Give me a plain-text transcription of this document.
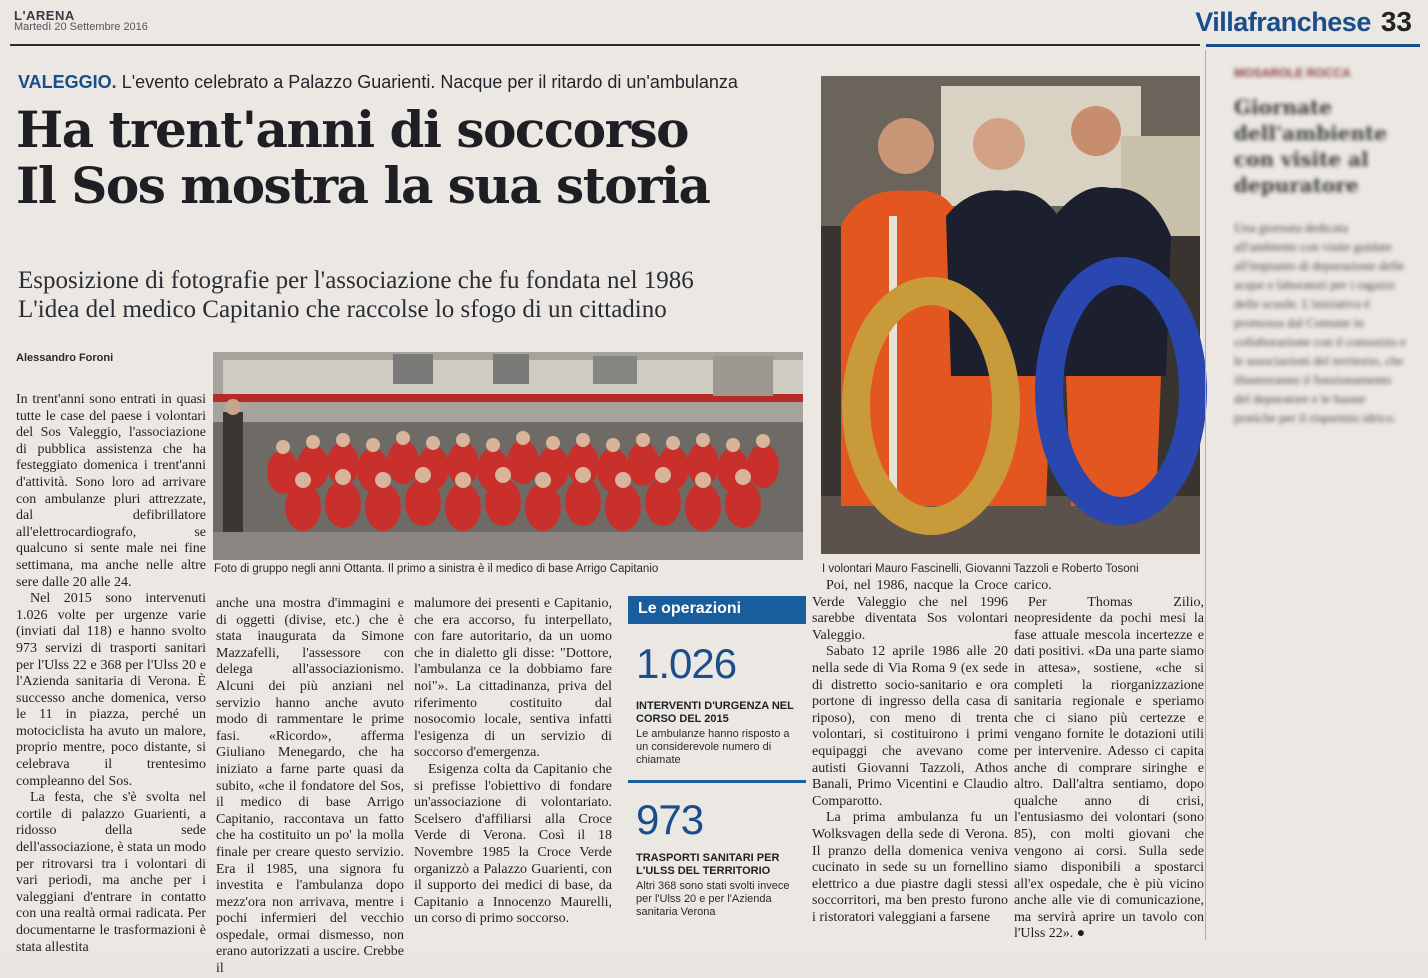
L'ARENA
Martedì 20 Settembre 2016	Villafranchese 33
VALEGGIO. L'evento celebrato a Palazzo Guarienti. Nacque per il ritardo di un'ambulanza
Ha trent'anni di soccorso
Il Sos mostra la sua storia
Esposizione di fotografie per l'associazione che fu fondata nel 1986
L'idea del medico Capitanio che raccolse lo sfogo di un cittadino
Alessandro Foroni
Foto di gruppo negli anni Ottanta. Il primo a sinistra è il medico di base Arrigo Capitanio	I volontari Mauro Fascinelli, Giovanni Tazzoli e Roberto Tosoni

In trent'anni sono entrati in quasi tutte le case del paese i volontari del Sos Valeggio, l'associazione di pubblica assistenza che ha festeggiato domenica i trent'anni d'attività. Sono loro ad arrivare con ambulanze pluri attrezzate, dal defibrillatore all'elettrocardiografo, se qualcuno si sente male nei fine settimana, ma anche nelle altre sere dalle 20 alle 24.

Nel 2015 sono intervenuti 1.026 volte per urgenze varie (inviati dal 118) e hanno svolto 973 servizi di trasporti sanitari per l'Ulss 22 e 368 per l'Ulss 20 e l'Azienda sanitaria di Verona. È successo anche domenica, verso le 11 in piazza, perché un motociclista ha avuto un malore, proprio mentre, poco distante, si celebrava il trentesimo compleanno del Sos.

La festa, che s'è svolta nel cortile di palazzo Guarienti, a ridosso della sede dell'associazione, è stata un modo per ritrovarsi tra i volontari di vari periodi, ma anche per i valeggiani d'entrare in contatto con una realtà ormai radicata. Per documentarne le trasformazioni è stata allestita

anche una mostra d'immagini e di oggetti (divise, etc.) che è stata inaugurata da Simone Mazzafelli, l'assessore con delega all'associazionismo. Alcuni dei più anziani nel servizio hanno anche avuto modo di rammentare le prime fasi. «Ricordo», afferma Giuliano Menegardo, che ha iniziato a farne parte quasi da subito, «che il fondatore del Sos, il medico di base Arrigo Capitanio, raccontava un fatto che ha costituito un po' la molla finale per creare questo servizio. Era il 1985, una signora fu investita e l'ambulanza dopo mezz'ora non arrivava, mentre i pochi infermieri del vecchio ospedale, ormai dismesso, non erano autorizzati a uscire. Crebbe il

malumore dei presenti e Capitanio, che era accorso, fu interpellato, con fare autoritario, da un uomo che in dialetto gli disse: "Dottore, l'ambulanza ce la dobbiamo fare noi"». La cittadinanza, priva del riferimento costituito dal nosocomio locale, sentiva infatti l'esigenza di un servizio di soccorso d'emergenza.

Esigenza colta da Capitanio che si prefisse l'obiettivo di fondare un'associazione di volontariato. Scelsero d'affiliarsi alla Croce Verde di Verona. Così il 18 Novembre 1985 la Croce Verde organizzò a Palazzo Guarienti, con il supporto dei medici di base, da Capitanio a Innocenzo Maurelli, un corso di primo soccorso.

Le operazioni
1.026
INTERVENTI D'URGENZA NEL CORSO DEL 2015
Le ambulanze hanno risposto a un considerevole numero di chiamate
973
TRASPORTI SANITARI PER L'ULSS DEL TERRITORIO
Altri 368 sono stati svolti invece per l'Ulss 20 e per l'Azienda sanitaria Verona

Poi, nel 1986, nacque la Croce Verde Valeggio che nel 1996 sarebbe diventata Sos volontari Valeggio.

Sabato 12 aprile 1986 alle 20 nella sede di Via Roma 9 (ex sede di distretto socio-sanitario e ora portone di ingresso della casa di riposo), con meno di trenta volontari, si costituirono i primi equipaggi che avevano come autisti Giovanni Tazzoli, Athos Banali, Primo Vicentini e Claudio Comparotto.

La prima ambulanza fu un Wolksvagen della sede di Verona. Il pranzo della domenica veniva cucinato in sede su un fornellino elettrico a due piastre dagli stessi soccorritori, ma ben presto furono i ristoratori valeggiani a farsene

carico.

Per Thomas Zilio, neopresidente da pochi mesi la fase attuale mescola incertezze e dati positivi. «Da una parte siamo in attesa», sostiene, «che si completi la riorganizzazione sanitaria regionale e speriamo che ci siano più certezze e vengano fornite le dotazioni utili per intervenire. Adesso ci capita anche di comprare siringhe e altro. Dall'altra sentiamo, dopo qualche anno di crisi, l'entusiasmo dei volontari (sono 85), con molti giovani che vengono ai corsi. Sulla sede siamo disponibili a spostarci all'ex ospedale, che è più vicino anche alle vie di comunicazione, ma servirà aprire un tavolo con l'Ulss 22». ●

MOSAROLE ROCCA
Giornate dell'ambiente con visite al depuratore
Una giornata dedicata all'ambiente con visite guidate all'impianto di depurazione delle acque e laboratori per i ragazzi delle scuole. L'iniziativa è promossa dal Comune in collaborazione con il consorzio e le associazioni del territorio, che illustreranno il funzionamento del depuratore e le buone pratiche per il risparmio idrico.
